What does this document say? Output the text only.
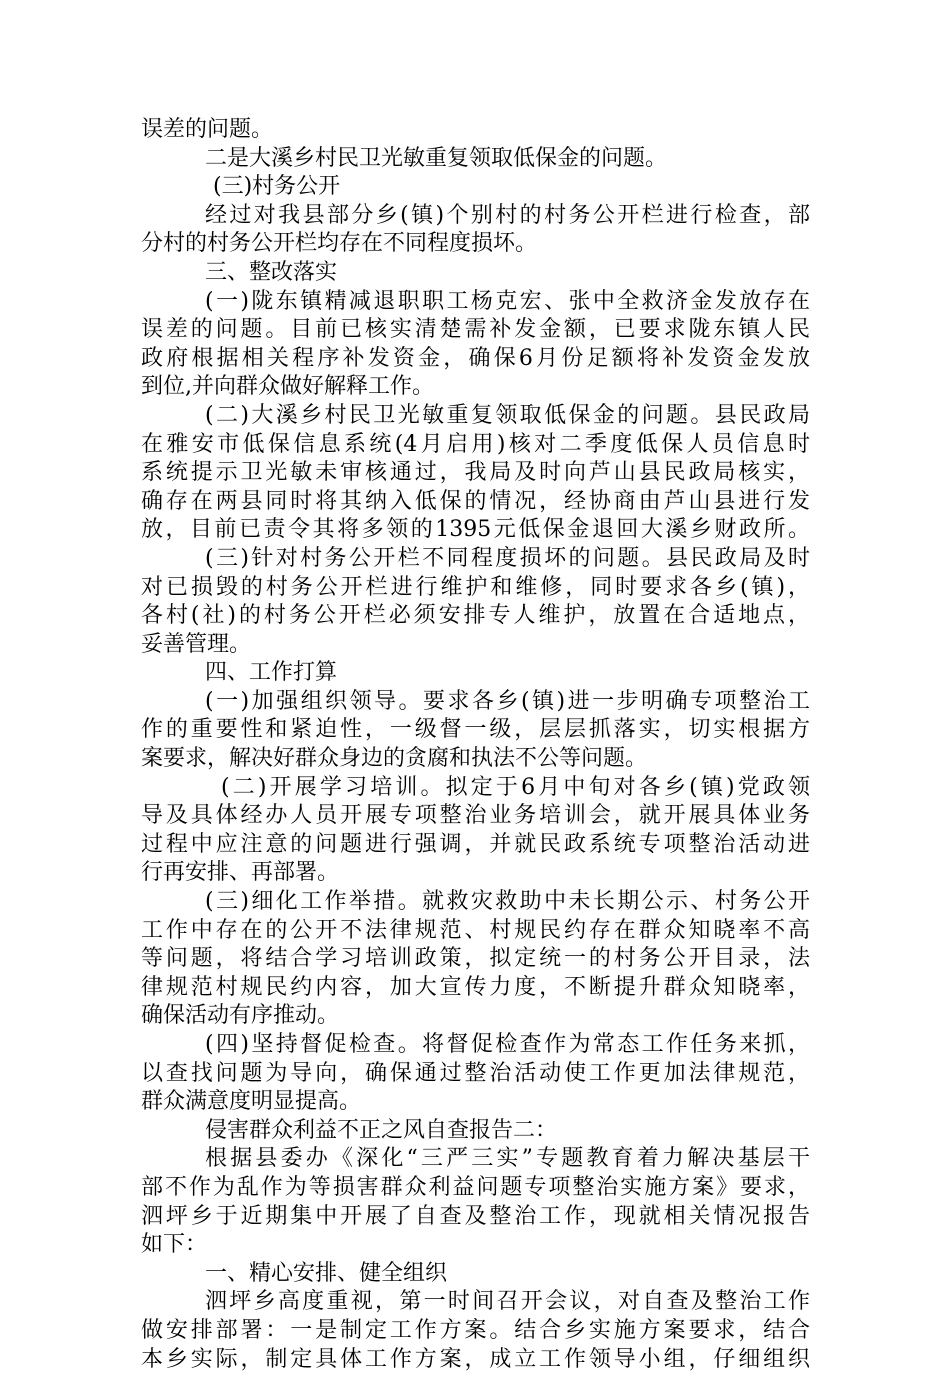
误差的问题。
二是大溪乡村民卫光敏重复领取低保金的问题。
(三)村务公开
经过对我县部分乡(镇)个别村的村务公开栏进行检查，部
分村的村务公开栏均存在不同程度损坏。
三、整改落实
(一)陇东镇精减退职职工杨克宏、张中全救济金发放存在
误差的问题。目前已核实清楚需补发金额，已要求陇东镇人民
政府根据相关程序补发资金，确保6月份足额将补发资金发放
到位,并向群众做好解释工作。
(二)大溪乡村民卫光敏重复领取低保金的问题。县民政局
在雅安市低保信息系统(4月启用)核对二季度低保人员信息时
系统提示卫光敏未审核通过，我局及时向芦山县民政局核实，
确存在两县同时将其纳入低保的情况，经协商由芦山县进行发
放，目前已责令其将多领的1395元低保金退回大溪乡财政所。
(三)针对村务公开栏不同程度损坏的问题。县民政局及时
对已损毁的村务公开栏进行维护和维修，同时要求各乡(镇)，
各村(社)的村务公开栏必须安排专人维护，放置在合适地点，
妥善管理。
四、工作打算
(一)加强组织领导。要求各乡(镇)进一步明确专项整治工
作的重要性和紧迫性，一级督一级，层层抓落实，切实根据方
案要求，解决好群众身边的贪腐和执法不公等问题。
(二)开展学习培训。拟定于6月中旬对各乡(镇)党政领
导及具体经办人员开展专项整治业务培训会，就开展具体业务
过程中应注意的问题进行强调，并就民政系统专项整治活动进
行再安排、再部署。
(三)细化工作举措。就救灾救助中未长期公示、村务公开
工作中存在的公开不法律规范、村规民约存在群众知晓率不高
等问题，将结合学习培训政策，拟定统一的村务公开目录，法
律规范村规民约内容，加大宣传力度，不断提升群众知晓率，
确保活动有序推动。
(四)坚持督促检查。将督促检查作为常态工作任务来抓，
以查找问题为导向，确保通过整治活动使工作更加法律规范，
群众满意度明显提高。
侵害群众利益不正之风自查报告二：
根据县委办《深化“三严三实”专题教育着力解决基层干
部不作为乱作为等损害群众利益问题专项整治实施方案》要求，
泗坪乡于近期集中开展了自查及整治工作，现就相关情况报告
如下：
一、精心安排、健全组织
泗坪乡高度重视，第一时间召开会议，对自查及整治工作
做安排部署：一是制定工作方案。结合乡实施方案要求，结合
本乡实际，制定具体工作方案，成立工作领导小组，仔细组织
